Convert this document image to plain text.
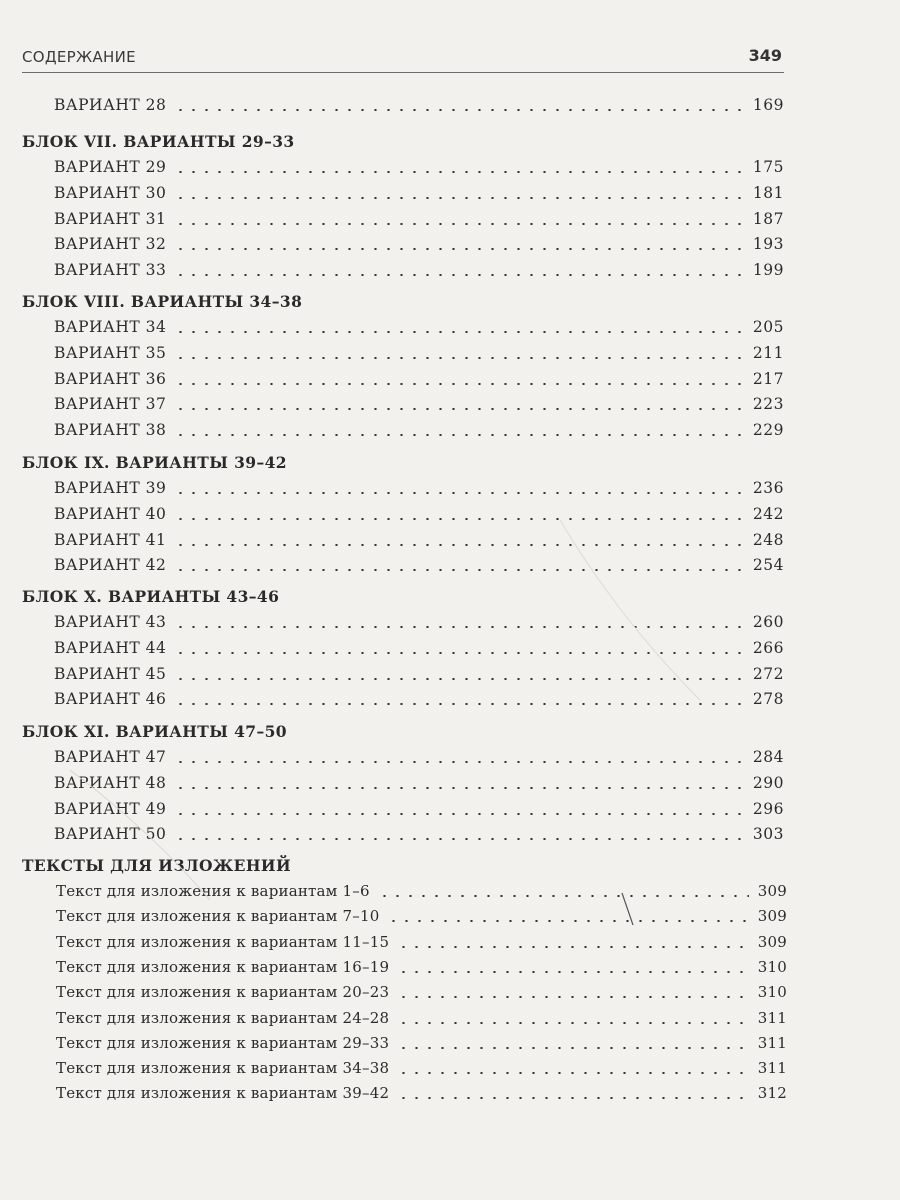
СОДЕРЖАНИЕ	349
ВАРИАНТ 28	169
БЛОК VII. ВАРИАНТЫ 29–33
ВАРИАНТ 29	175
ВАРИАНТ 30	181
ВАРИАНТ 31	187
ВАРИАНТ 32	193
ВАРИАНТ 33	199
БЛОК VIII. ВАРИАНТЫ 34–38
ВАРИАНТ 34	205
ВАРИАНТ 35	211
ВАРИАНТ 36	217
ВАРИАНТ 37	223
ВАРИАНТ 38	229
БЛОК IX. ВАРИАНТЫ 39–42
ВАРИАНТ 39	236
ВАРИАНТ 40	242
ВАРИАНТ 41	248
ВАРИАНТ 42	254
БЛОК X. ВАРИАНТЫ 43–46
ВАРИАНТ 43	260
ВАРИАНТ 44	266
ВАРИАНТ 45	272
ВАРИАНТ 46	278
БЛОК XI. ВАРИАНТЫ 47–50
ВАРИАНТ 47	284
ВАРИАНТ 48	290
ВАРИАНТ 49	296
ВАРИАНТ 50	303
ТЕКСТЫ ДЛЯ ИЗЛОЖЕНИЙ
Текст для изложения к вариантам 1–6	309
Текст для изложения к вариантам 7–10	309
Текст для изложения к вариантам 11–15	309
Текст для изложения к вариантам 16–19	310
Текст для изложения к вариантам 20–23	310
Текст для изложения к вариантам 24–28	311
Текст для изложения к вариантам 29–33	311
Текст для изложения к вариантам 34–38	311
Текст для изложения к вариантам 39–42	312
